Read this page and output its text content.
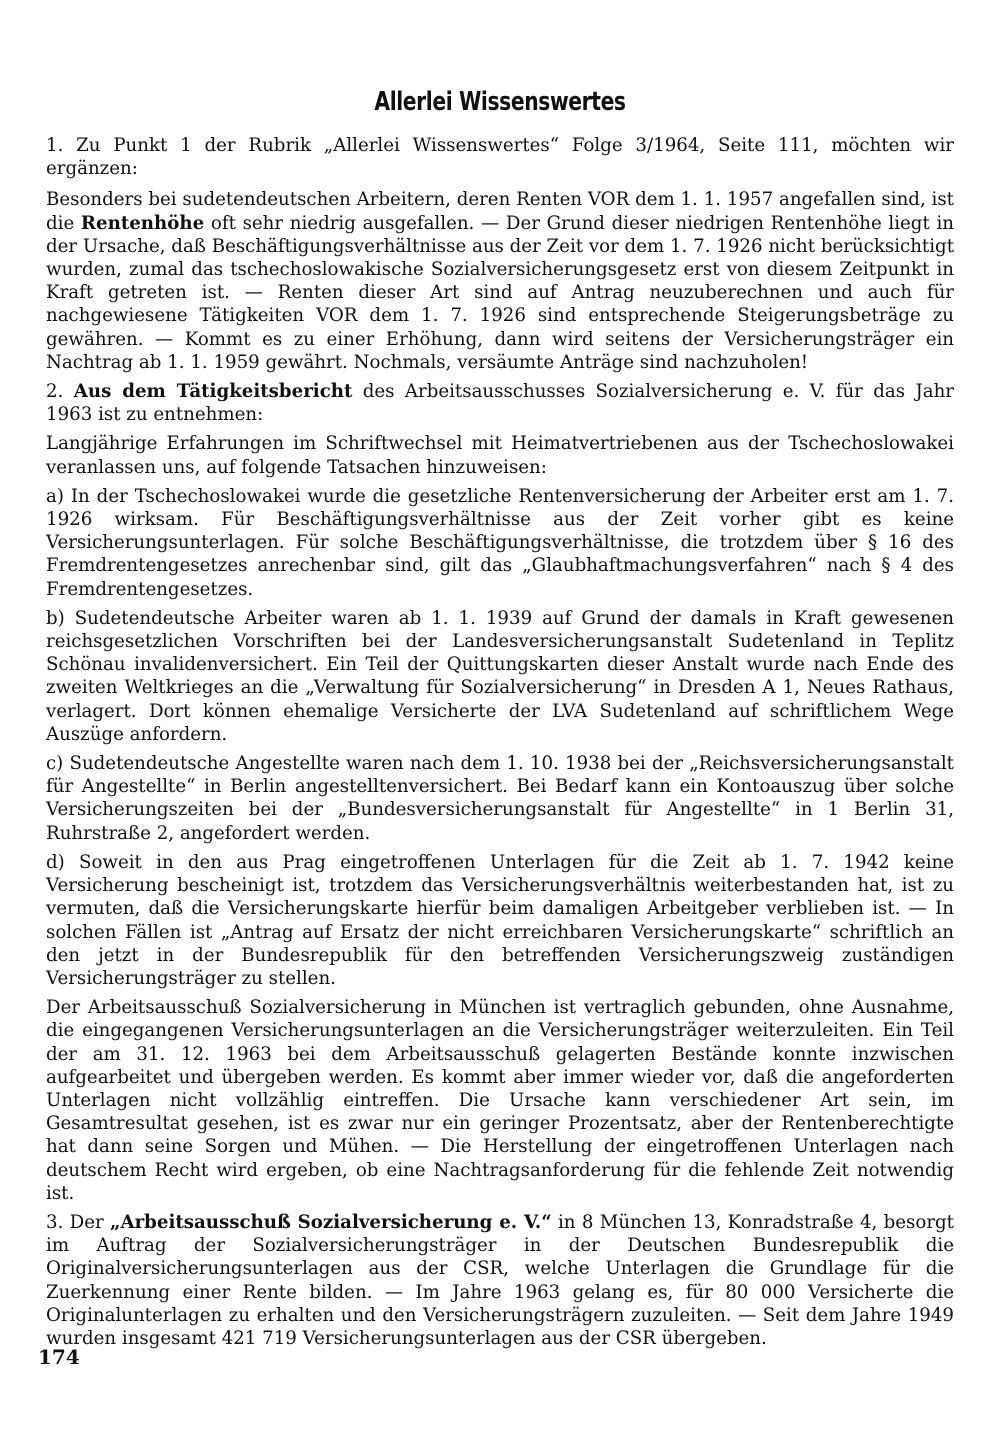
Allerlei Wissenswertes

1. Zu Punkt 1 der Rubrik „Allerlei Wissenswertes“ Folge 3/1964, Seite 111, möchten wir ergänzen:

Besonders bei sudetendeutschen Arbeitern, deren Renten VOR dem 1. 1. 1957 angefallen sind, ist die Rentenhöhe oft sehr niedrig ausgefallen. — Der Grund dieser niedrigen Rentenhöhe liegt in der Ursache, daß Beschäftigungsverhältnisse aus der Zeit vor dem 1. 7. 1926 nicht berücksichtigt wurden, zumal das tschechoslowakische Sozialversicherungsgesetz erst von diesem Zeitpunkt in Kraft getreten ist. — Renten dieser Art sind auf Antrag neuzuberechnen und auch für nachgewiesene Tätigkeiten VOR dem 1. 7. 1926 sind entsprechende Steigerungsbeträge zu gewähren. — Kommt es zu einer Erhöhung, dann wird seitens der Versicherungsträger ein Nachtrag ab 1. 1. 1959 gewährt. Nochmals, versäumte Anträge sind nachzuholen!

2. Aus dem Tätigkeitsbericht des Arbeitsausschusses Sozialversicherung e. V. für das Jahr 1963 ist zu entnehmen:

Langjährige Erfahrungen im Schriftwechsel mit Heimatvertriebenen aus der Tschechoslowakei veranlassen uns, auf folgende Tatsachen hinzuweisen:

a) In der Tschechoslowakei wurde die gesetzliche Rentenversicherung der Arbeiter erst am 1. 7. 1926 wirksam. Für Beschäftigungsverhältnisse aus der Zeit vorher gibt es keine Versicherungsunterlagen. Für solche Beschäftigungsverhältnisse, die trotzdem über § 16 des Fremdrentengesetzes anrechenbar sind, gilt das „Glaubhaftmachungsverfahren“ nach § 4 des Fremdrentengesetzes.

b) Sudetendeutsche Arbeiter waren ab 1. 1. 1939 auf Grund der damals in Kraft gewesenen reichsgesetzlichen Vorschriften bei der Landesversicherungsanstalt Sudetenland in Teplitz Schönau invalidenversichert. Ein Teil der Quittungskarten dieser Anstalt wurde nach Ende des zweiten Weltkrieges an die „Verwaltung für Sozialversicherung“ in Dresden A 1, Neues Rathaus, verlagert. Dort können ehemalige Versicherte der LVA Sudetenland auf schriftlichem Wege Auszüge anfordern.

c) Sudetendeutsche Angestellte waren nach dem 1. 10. 1938 bei der „Reichsversicherungsanstalt für Angestellte“ in Berlin angestelltenversichert. Bei Bedarf kann ein Kontoauszug über solche Versicherungszeiten bei der „Bundesversicherungsanstalt für Angestellte“ in 1 Berlin 31, Ruhrstraße 2, angefordert werden.

d) Soweit in den aus Prag eingetroffenen Unterlagen für die Zeit ab 1. 7. 1942 keine Versicherung bescheinigt ist, trotzdem das Versicherungsverhältnis weiterbestanden hat, ist zu vermuten, daß die Versicherungskarte hierfür beim damaligen Arbeitgeber verblieben ist. — In solchen Fällen ist „Antrag auf Ersatz der nicht erreichbaren Versicherungskarte“ schriftlich an den jetzt in der Bundesrepublik für den betreffenden Versicherungszweig zuständigen Versicherungsträger zu stellen.

Der Arbeitsausschuß Sozialversicherung in München ist vertraglich gebunden, ohne Ausnahme, die eingegangenen Versicherungsunterlagen an die Versicherungsträger weiterzuleiten. Ein Teil der am 31. 12. 1963 bei dem Arbeitsausschuß gelagerten Bestände konnte inzwischen aufgearbeitet und übergeben werden. Es kommt aber immer wieder vor, daß die angeforderten Unterlagen nicht vollzählig eintreffen. Die Ursache kann verschiedener Art sein, im Gesamtresultat gesehen, ist es zwar nur ein geringer Prozentsatz, aber der Rentenberechtigte hat dann seine Sorgen und Mühen. — Die Herstellung der eingetroffenen Unterlagen nach deutschem Recht wird ergeben, ob eine Nachtragsanforderung für die fehlende Zeit notwendig ist.

3. Der „Arbeitsausschuß Sozialversicherung e. V.“ in 8 München 13, Konradstraße 4, besorgt im Auftrag der Sozialversicherungsträger in der Deutschen Bundesrepublik die Originalversicherungsunterlagen aus der CSR, welche Unterlagen die Grundlage für die Zuerkennung einer Rente bilden. — Im Jahre 1963 gelang es, für 80 000 Versicherte die Originalunterlagen zu erhalten und den Versicherungsträgern zuzuleiten. — Seit dem Jahre 1949 wurden insgesamt 421 719 Versicherungsunterlagen aus der CSR übergeben.

174
